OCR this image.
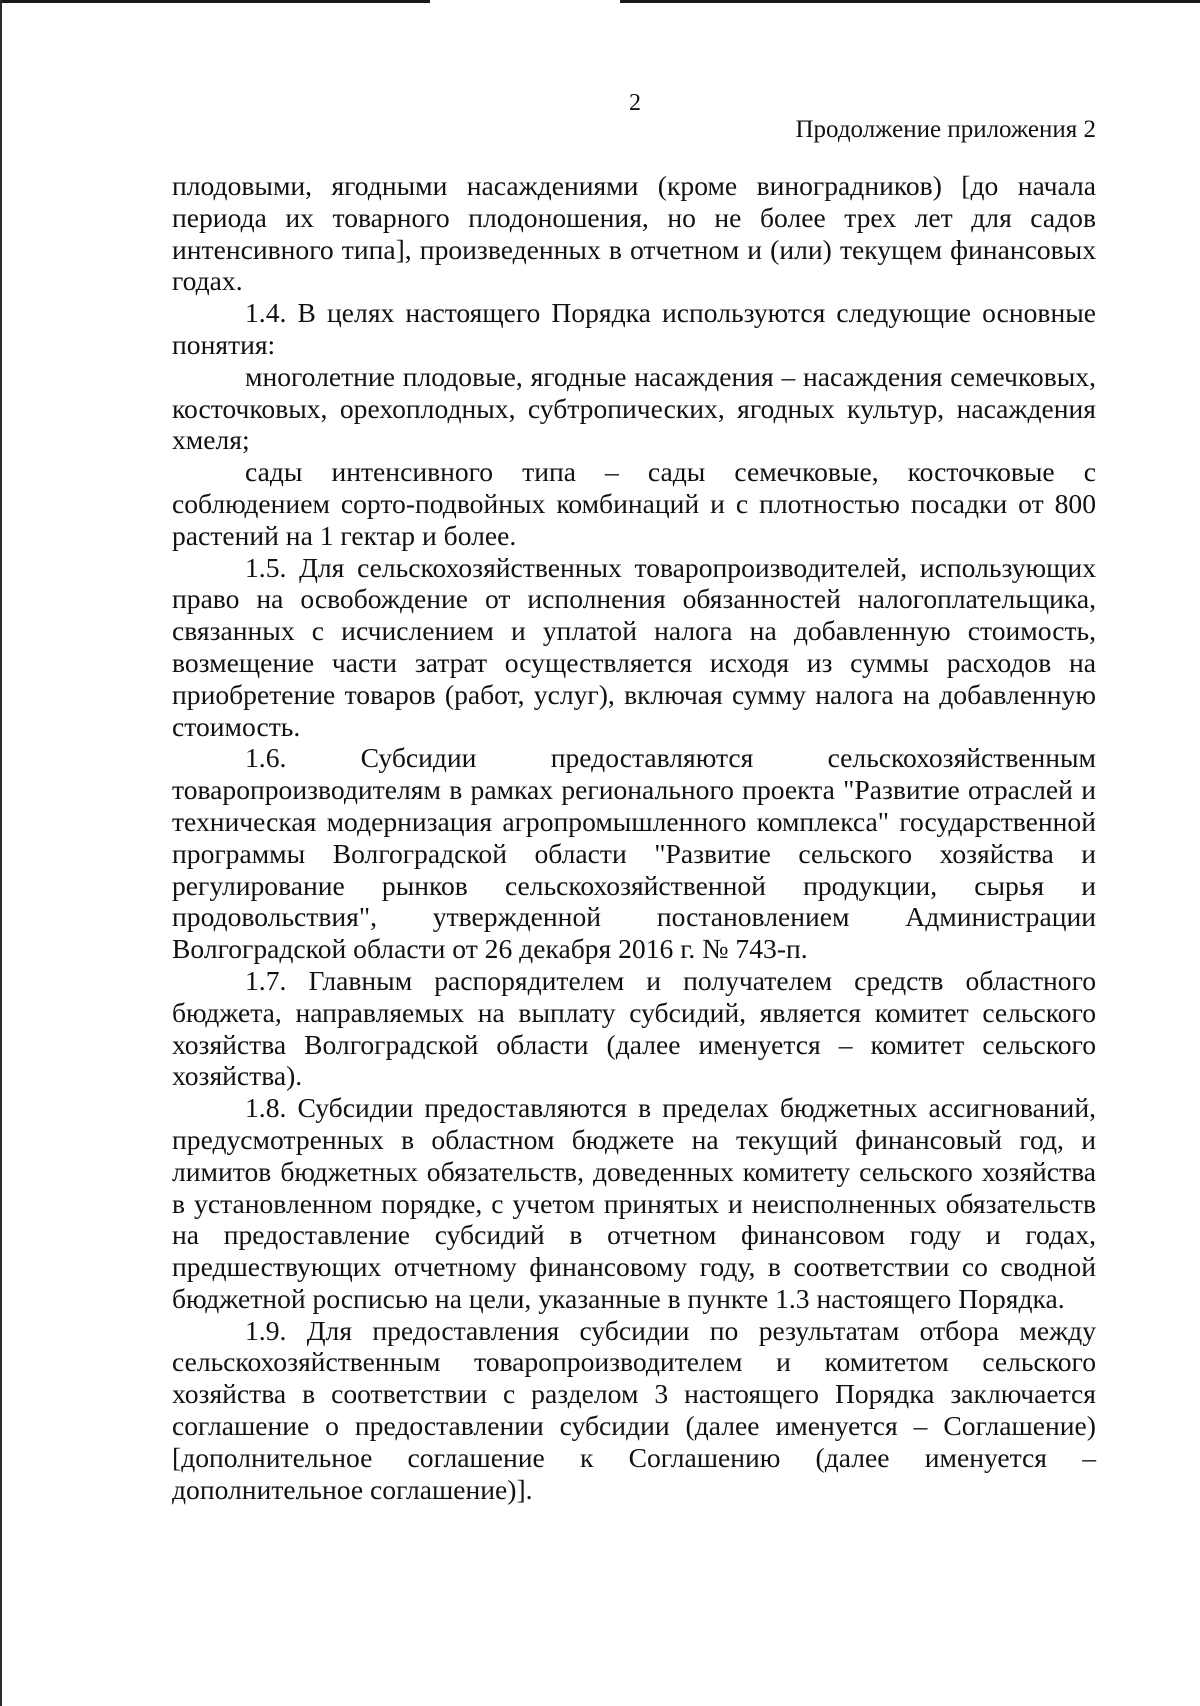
2
Продолжение приложения 2

плодовыми, ягодными насаждениями (кроме виноградников) [до начала периода их товарного плодоношения, но не более трех лет для садов интенсивного типа], произведенных в отчетном и (или) текущем финансовых годах.

1.4. В целях настоящего Порядка используются следующие основные понятия:

многолетние плодовые, ягодные насаждения – насаждения семечковых, косточковых, орехоплодных, субтропических, ягодных культур, насаждения хмеля;

сады интенсивного типа – сады семечковые, косточковые с соблюдением сорто-подвойных комбинаций и с плотностью посадки от 800 растений на 1 гектар и более.

1.5. Для сельскохозяйственных товаропроизводителей, использующих право на освобождение от исполнения обязанностей налогоплательщика, связанных с исчислением и уплатой налога на добавленную стоимость, возмещение части затрат осуществляется исходя из суммы расходов на приобретение товаров (работ, услуг), включая сумму налога на добавленную стоимость.

1.6. Субсидии предоставляются сельскохозяйственным товаропроизводителям в рамках регионального проекта "Развитие отраслей и техническая модернизация агропромышленного комплекса" государственной программы Волгоградской области "Развитие сельского хозяйства и регулирование рынков сельскохозяйственной продукции, сырья и продовольствия", утвержденной постановлением Администрации Волгоградской области от 26 декабря 2016 г. № 743-п.

1.7. Главным распорядителем и получателем средств областного бюджета, направляемых на выплату субсидий, является комитет сельского хозяйства Волгоградской области (далее именуется – комитет сельского хозяйства).

1.8. Субсидии предоставляются в пределах бюджетных ассигнований, предусмотренных в областном бюджете на текущий финансовый год, и лимитов бюджетных обязательств, доведенных комитету сельского хозяйства в установленном порядке, с учетом принятых и неисполненных обязательств на предоставление субсидий в отчетном финансовом году и годах, предшествующих отчетному финансовому году, в соответствии со сводной бюджетной росписью на цели, указанные в пункте 1.3 настоящего Порядка.

1.9. Для предоставления субсидии по результатам отбора между сельскохозяйственным товаропроизводителем и комитетом сельского хозяйства в соответствии с разделом 3 настоящего Порядка заключается соглашение о предоставлении субсидии (далее именуется – Соглашение) [дополнительное соглашение к Соглашению (далее именуется – дополнительное соглашение)].
